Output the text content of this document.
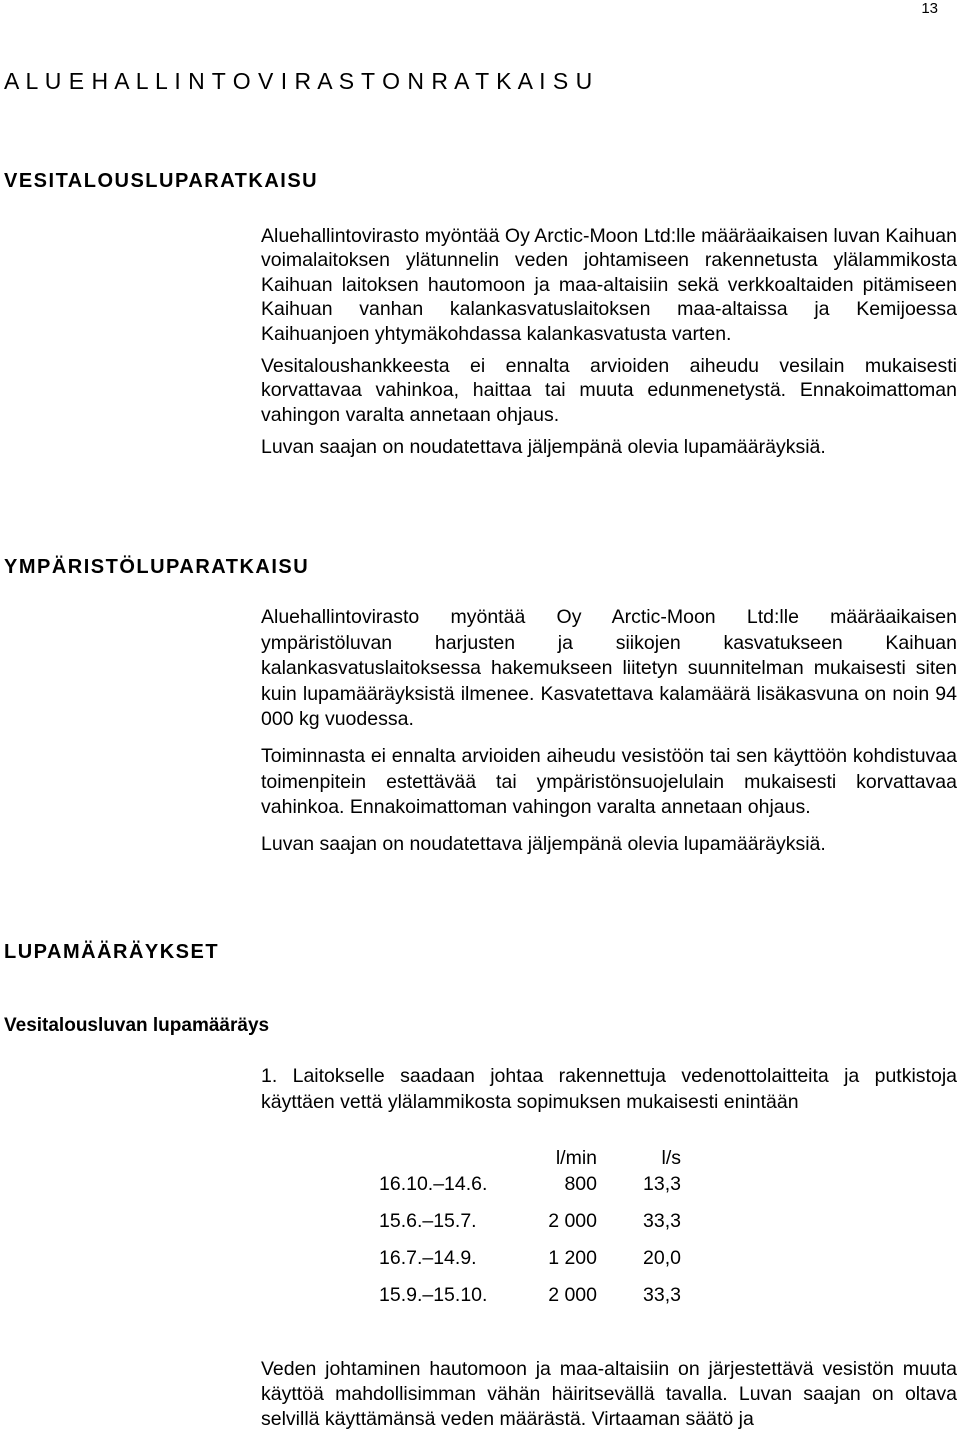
13
A L U E H A L L I N T O V I R A S T O N R A T K A I S U
VESITALOUSLUPARATKAISU

Aluehallintovirasto myöntää Oy Arctic-Moon Ltd:lle määräaikaisen luvan Kaihuan voimalaitoksen ylätunnelin veden johtamiseen rakennetusta ylälammikosta Kaihuan laitoksen hautomoon ja maa-altaisiin sekä verkkoaltaiden pitämiseen Kaihuan vanhan kalankasvatuslaitoksen maa-altaissa ja Kemijoessa Kaihuanjoen yhtymäkohdassa kalankasvatusta varten.

Vesitaloushankkeesta ei ennalta arvioiden aiheudu vesilain mukaisesti korvattavaa vahinkoa, haittaa tai muuta edunmenetystä. Ennakoimattoman vahingon varalta annetaan ohjaus.

Luvan saajan on noudatettava jäljempänä olevia lupamääräyksiä.

YMPÄRISTÖLUPARATKAISU

Aluehallintovirasto myöntää Oy Arctic-Moon Ltd:lle määräaikaisen ympäristöluvan harjusten ja siikojen kasvatukseen Kaihuan kalankasvatuslaitoksessa hakemukseen liitetyn suunnitelman mukaisesti siten kuin lupamääräyksistä ilmenee. Kasvatettava kalamäärä lisäkasvuna on noin 94 000 kg vuodessa.

Toiminnasta ei ennalta arvioiden aiheudu vesistöön tai sen käyttöön kohdistuvaa toimenpitein estettävää tai ympäristönsuojelulain mukaisesti korvattavaa vahinkoa. Ennakoimattoman vahingon varalta annetaan ohjaus.

Luvan saajan on noudatettava jäljempänä olevia lupamääräyksiä.

LUPAMÄÄRÄYKSET
Vesitalousluvan lupamääräys

1. Laitokselle saadaan johtaa rakennettuja vedenottolaitteita ja putkistoja käyttäen vettä ylälammikosta sopimuksen mukaisesti enintään

	l/min	l/s
16.10.–14.6.	800	13,3
15.6.–15.7.	2 000	33,3
16.7.–14.9.	1 200	20,0
15.9.–15.10.	2 000	33,3

Veden johtaminen hautomoon ja maa-altaisiin on järjestettävä vesistön muuta käyttöä mahdollisimman vähän häiritsevällä tavalla. Luvan saajan on oltava selvillä käyttämänsä veden määrästä. Virtaaman säätö ja
